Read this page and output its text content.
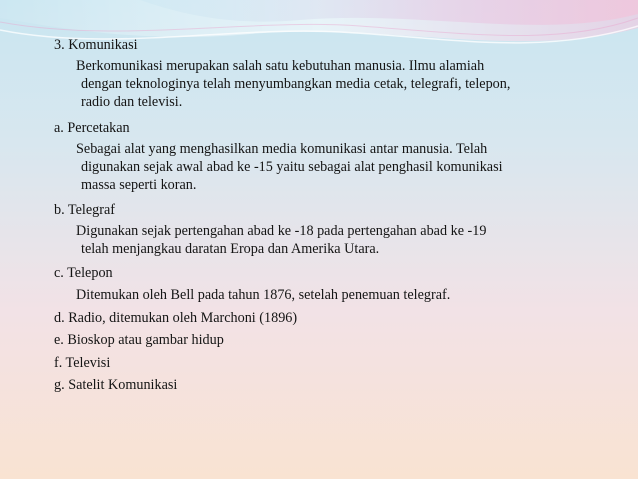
3. Komunikasi
Berkomunikasi merupakan salah satu kebutuhan manusia. Ilmu alamiah
dengan teknologinya telah menyumbangkan media cetak, telegrafi, telepon,
radio dan televisi.
a. Percetakan
Sebagai alat yang menghasilkan media komunikasi antar manusia. Telah
digunakan sejak awal abad ke -15 yaitu sebagai alat penghasil komunikasi
massa seperti koran.
b. Telegraf
Digunakan sejak pertengahan abad ke -18 pada pertengahan abad ke -19
telah menjangkau daratan Eropa dan Amerika Utara.
c. Telepon
Ditemukan oleh Bell pada tahun 1876, setelah penemuan telegraf.
d. Radio, ditemukan oleh Marchoni (1896)
e. Bioskop atau gambar hidup
f. Televisi
g. Satelit Komunikasi
